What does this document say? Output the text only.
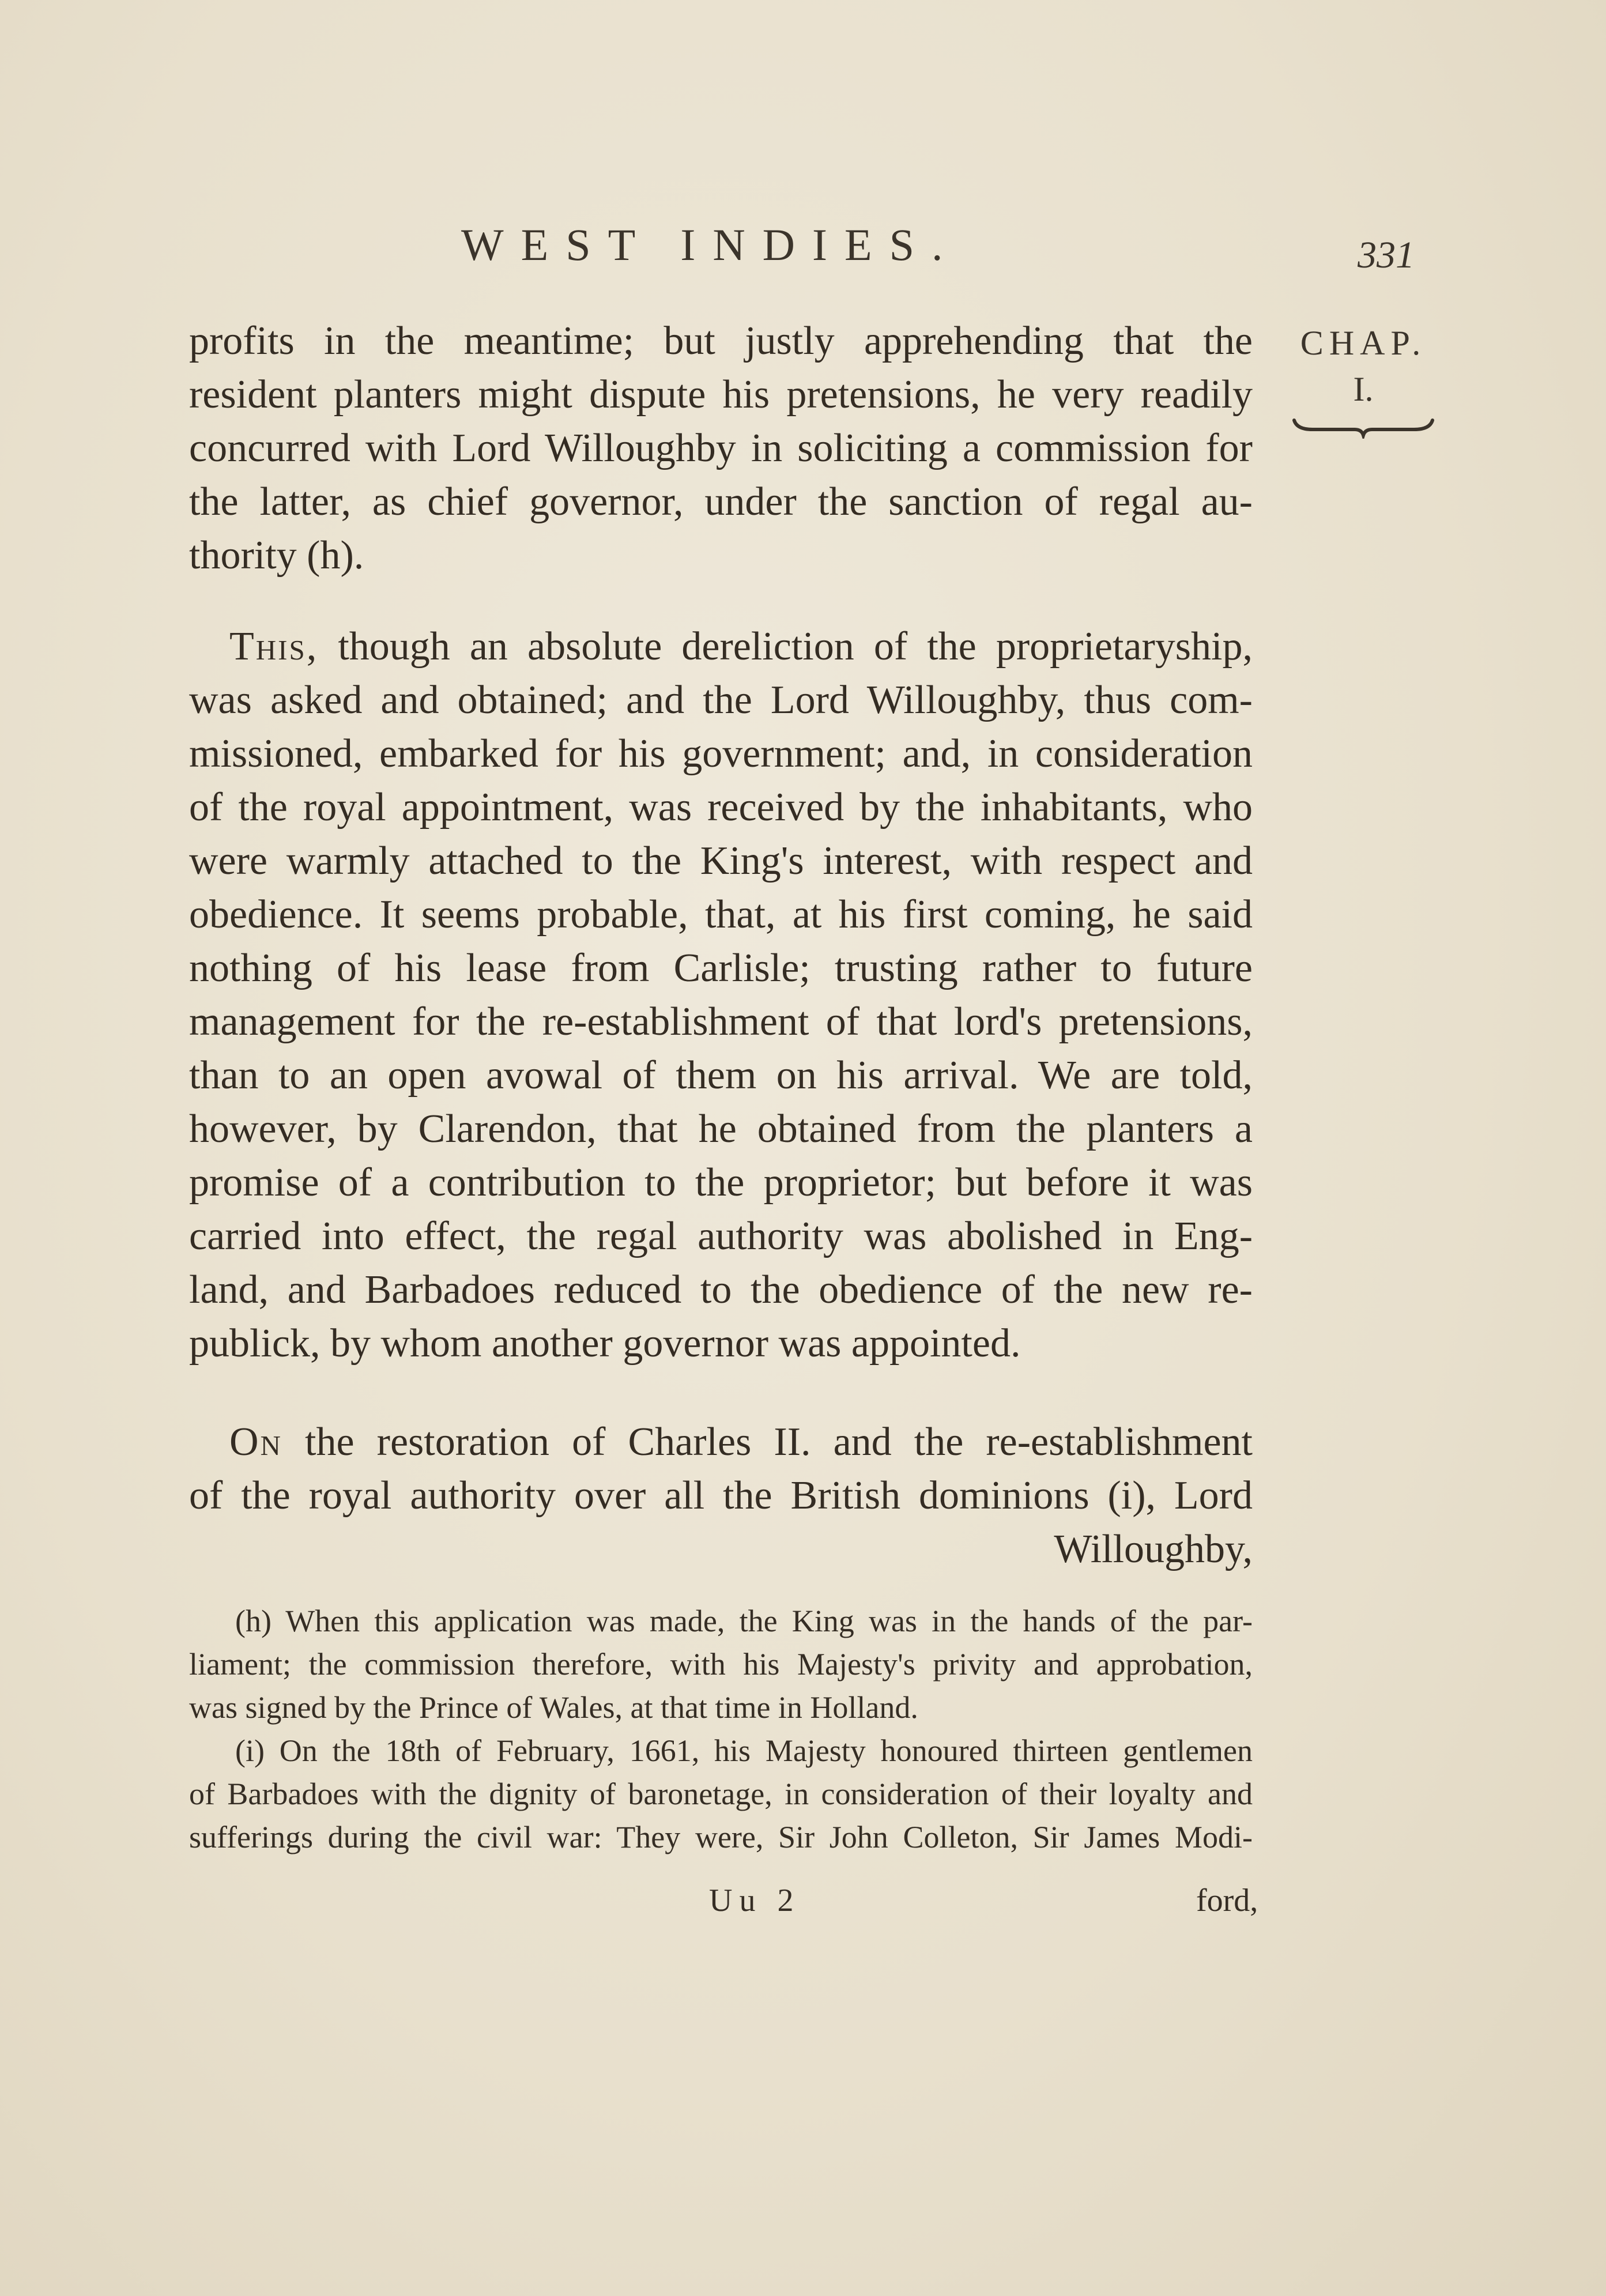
WEST INDIES.	331
CHAP.
I.
profits in the meantime; but justly apprehending that the
resident planters might dispute his pretensions, he very readily
concurred with Lord Willoughby in soliciting a commission for
the latter, as chief governor, under the sanction of regal au-
thority (h).
This, though an absolute dereliction of the proprietaryship,
was asked and obtained; and the Lord Willoughby, thus com-
missioned, embarked for his government; and, in consideration
of the royal appointment, was received by the inhabitants, who
were warmly attached to the King's interest, with respect and
obedience. It seems probable, that, at his first coming, he said
nothing of his lease from Carlisle; trusting rather to future
management for the re-establishment of that lord's pretensions,
than to an open avowal of them on his arrival. We are told,
however, by Clarendon, that he obtained from the planters a
promise of a contribution to the proprietor; but before it was
carried into effect, the regal authority was abolished in Eng-
land, and Barbadoes reduced to the obedience of the new re-
publick, by whom another governor was appointed.
On the restoration of Charles II. and the re-establishment
of the royal authority over all the British dominions (i), Lord
Willoughby,
(h) When this application was made, the King was in the hands of the par-
liament; the commission therefore, with his Majesty's privity and approbation,
was signed by the Prince of Wales, at that time in Holland.
(i) On the 18th of February, 1661, his Majesty honoured thirteen gentlemen
of Barbadoes with the dignity of baronetage, in consideration of their loyalty and
sufferings during the civil war: They were, Sir John Colleton, Sir James Modi-
Uu 2	ford,
